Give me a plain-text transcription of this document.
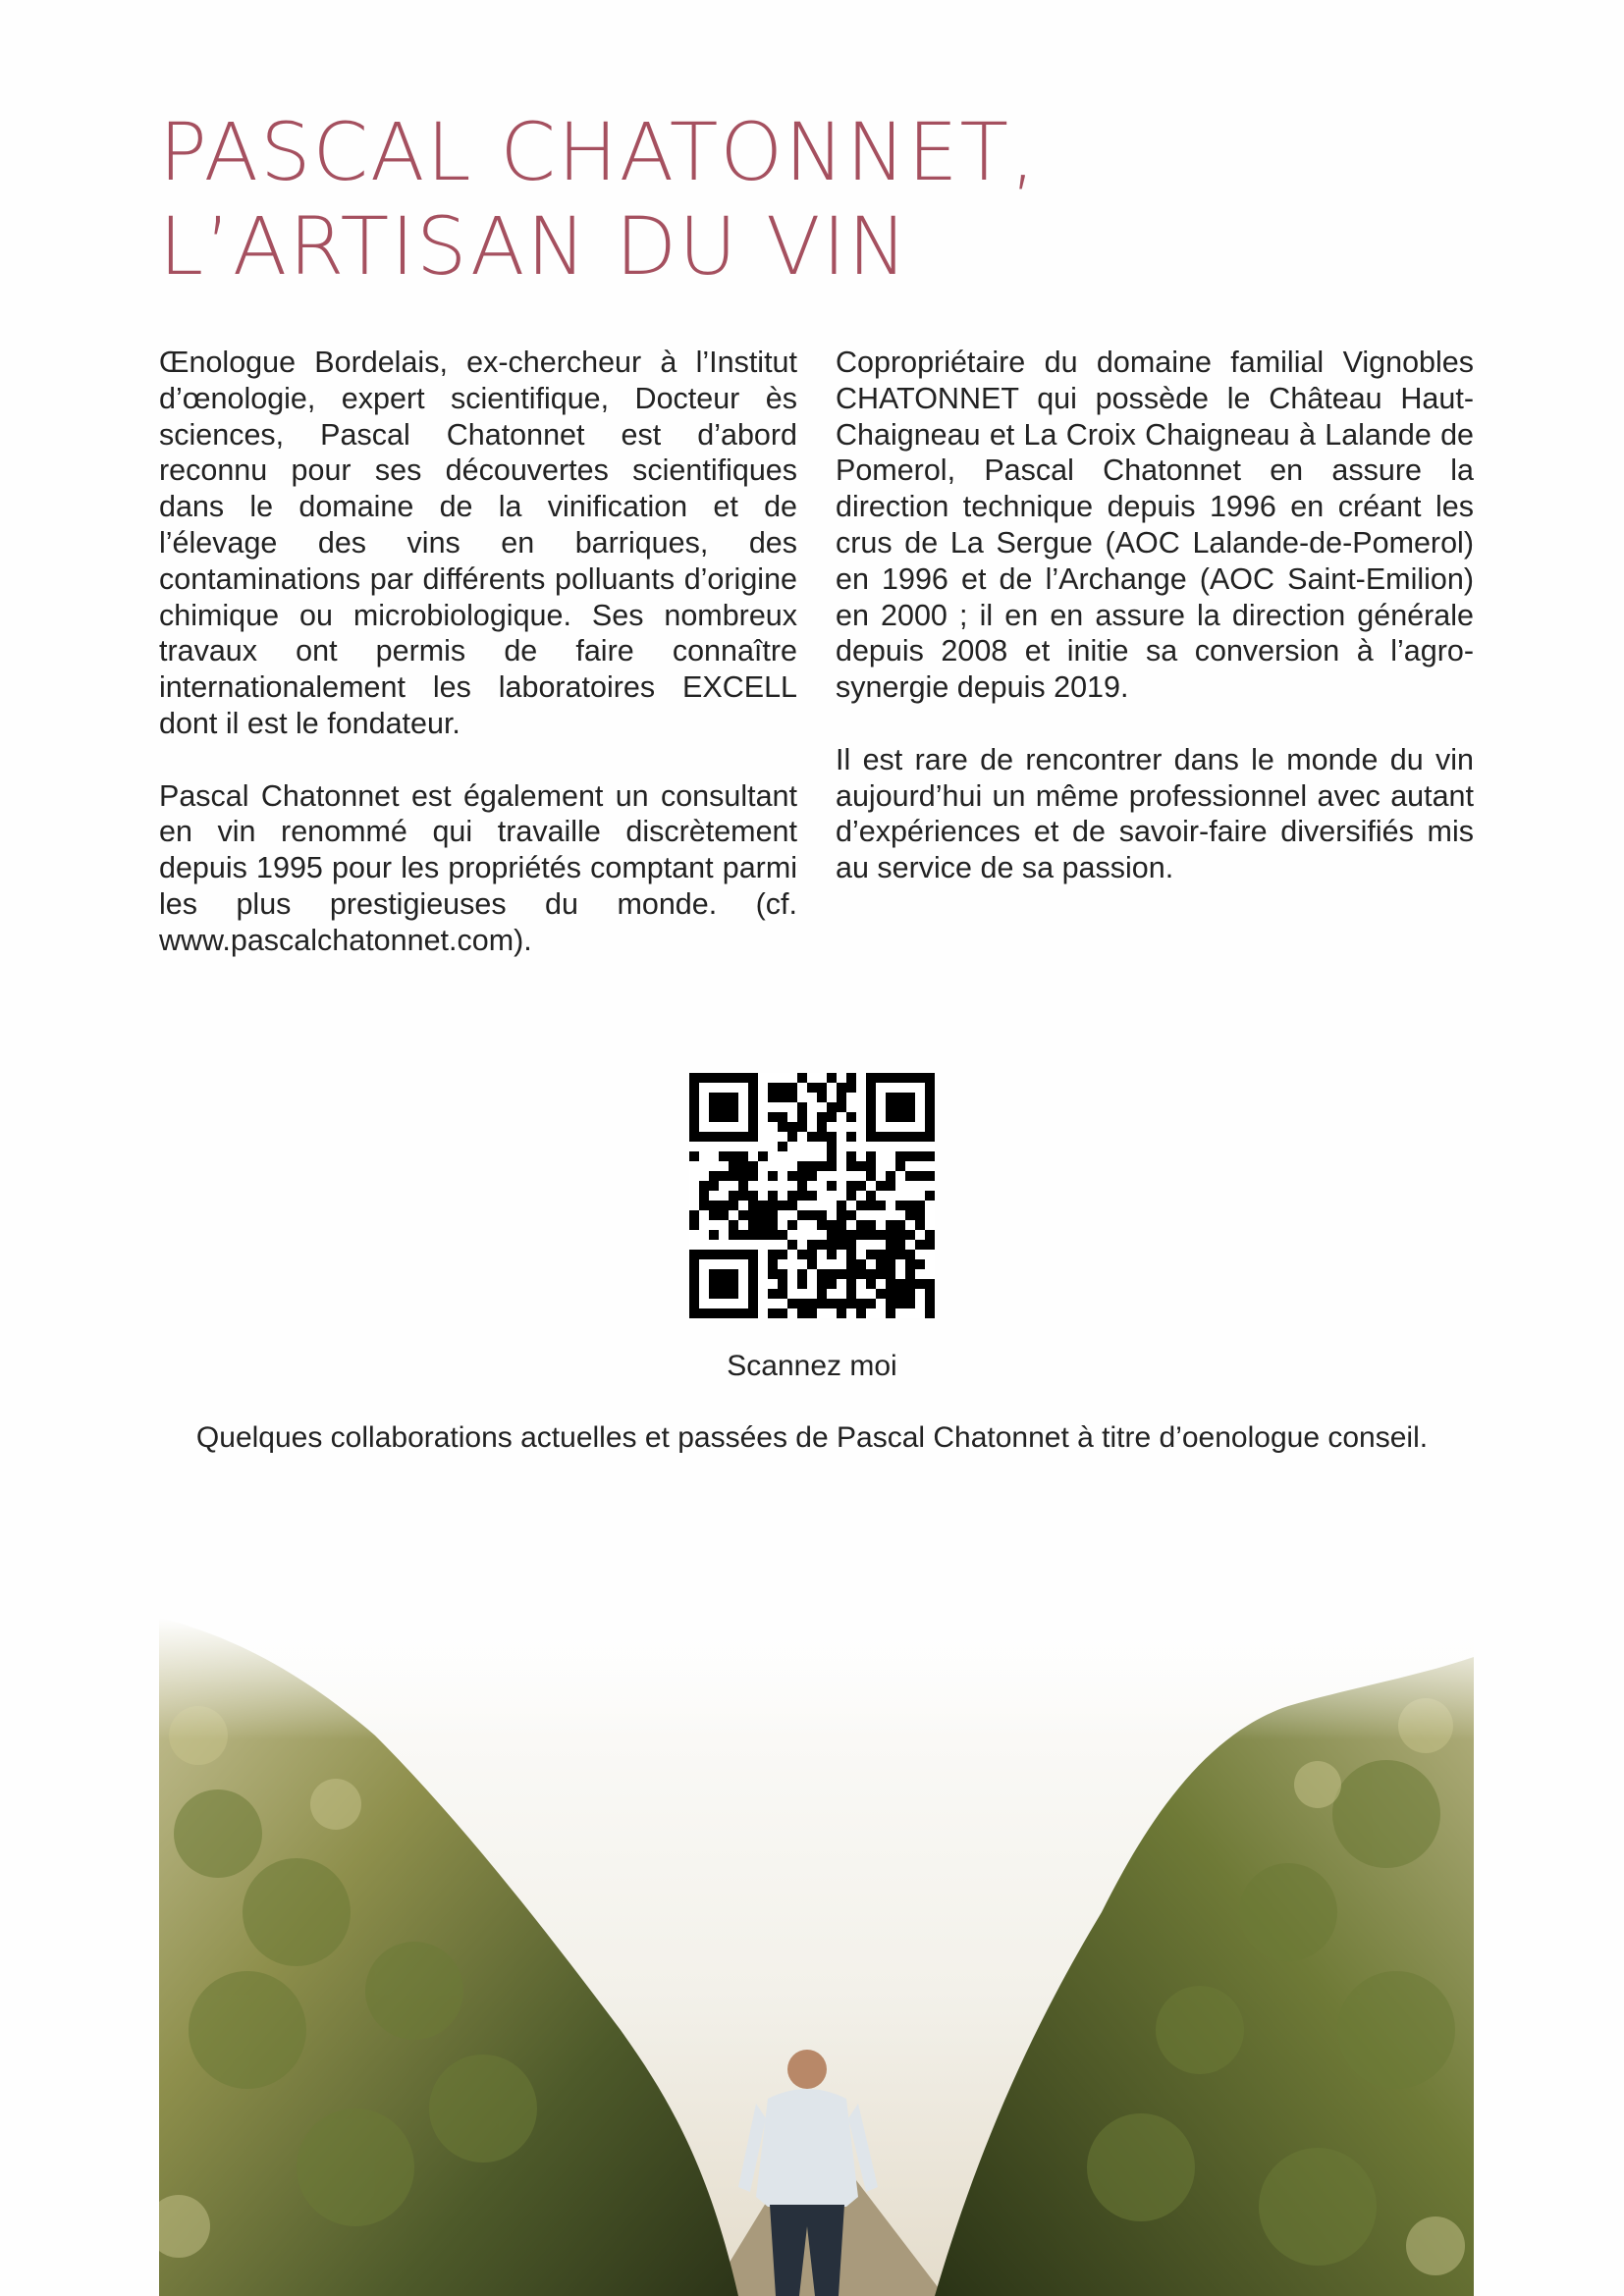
PASCAL CHATONNET,
L’ARTISAN DU VIN

Œnologue Bordelais, ex-chercheur à l’Institut d’œnologie, expert scientifique, Docteur ès sciences, Pascal Chatonnet est d’abord reconnu pour ses découvertes scientifiques dans le domaine de la vinification et de l’élevage des vins en barriques, des contaminations par différents polluants d’origine chimique ou microbiologique. Ses nombreux travaux ont permis de faire connaître internationalement les laboratoires EXCELL dont il est le fondateur.

Pascal Chatonnet est également un consultant en vin renommé qui travaille discrètement depuis 1995 pour les propriétés comptant parmi les plus prestigieuses du monde. (cf. www.pascalchatonnet.com).

Copropriétaire du domaine familial Vignobles CHATONNET qui possède le Château Haut-Chaigneau et La Croix Chaigneau à Lalande de Pomerol, Pascal Chatonnet en assure la direction technique depuis 1996 en créant les crus de La Sergue (AOC Lalande-de-Pomerol) en 1996 et de l’Archange (AOC Saint-Emilion) en 2000 ; il en en assure la direction générale depuis 2008 et initie sa conversion à l’agro-synergie depuis 2019.

Il est rare de rencontrer dans le monde du vin aujourd’hui un même professionnel avec autant d’expériences et de savoir-faire diversifiés mis au service de sa passion.

Scannez moi
Quelques collaborations actuelles et passées de Pascal Chatonnet à titre d’oenologue conseil.
